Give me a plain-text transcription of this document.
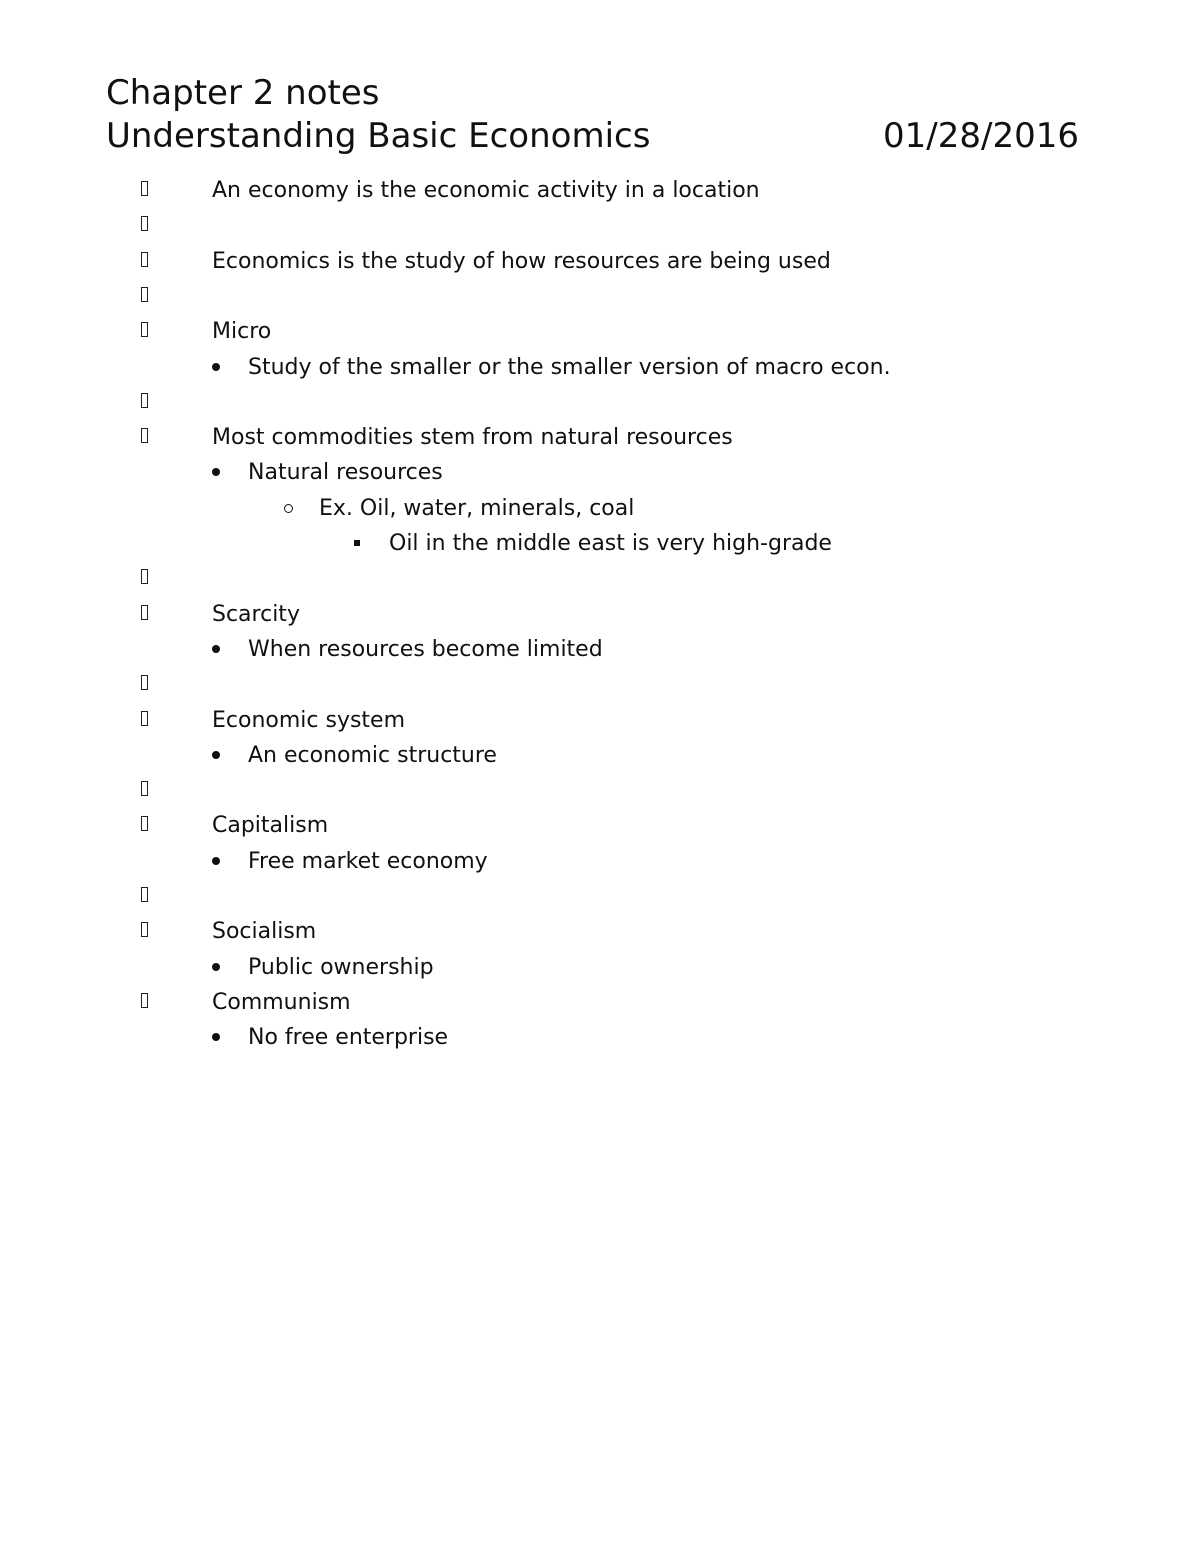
Chapter 2 notes
Understanding Basic Economics	01/28/2016
An economy is the economic activity in a location
Economics is the study of how resources are being used
Micro
Study of the smaller or the smaller version of macro econ.
Most commodities stem from natural resources
Natural resources
Ex. Oil, water, minerals, coal
Oil in the middle east is very high-grade
Scarcity
When resources become limited
Economic system
An economic structure
Capitalism
Free market economy
Socialism
Public ownership
Communism
No free enterprise
